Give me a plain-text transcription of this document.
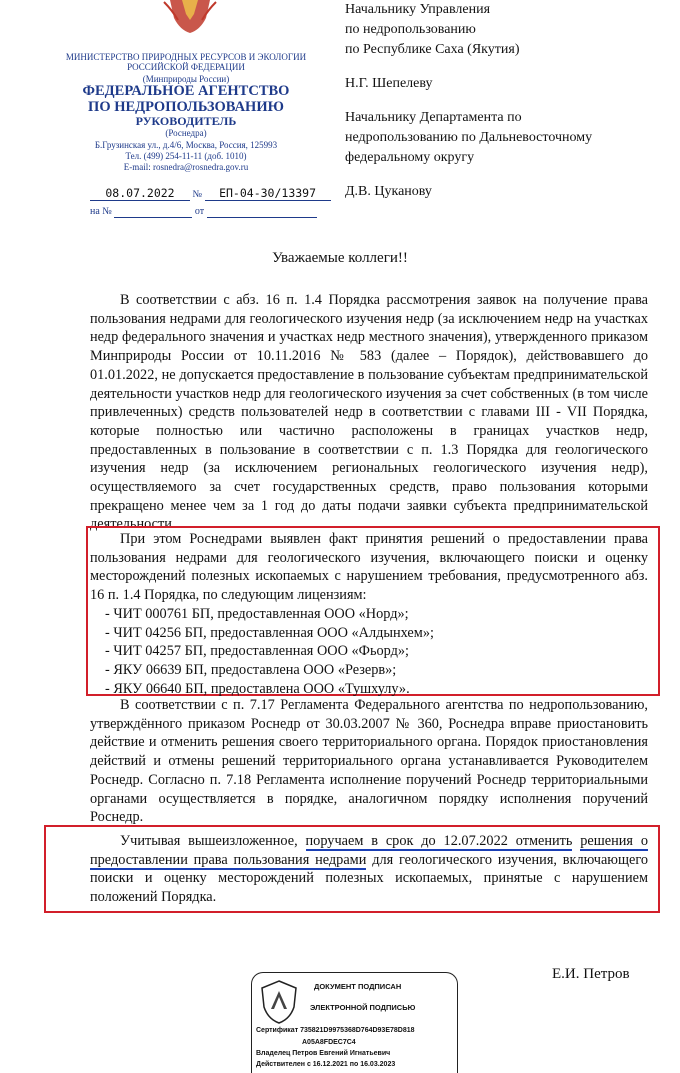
МИНИСТЕРСТВО ПРИРОДНЫХ РЕСУРСОВ И ЭКОЛОГИИ
РОССИЙСКОЙ ФЕДЕРАЦИИ
(Минприроды России)
ФЕДЕРАЛЬНОЕ АГЕНТСТВО
ПО НЕДРОПОЛЬЗОВАНИЮ
РУКОВОДИТЕЛЬ
(Роснедра)
Б.Грузинская ул., д.4/6, Москва, Россия, 125993
Тел. (499) 254-11-11 (доб. 1010)
E-mail: rosnedra@rosnedra.gov.ru
08.07.2022 № ЕП-04-30/13397
на №	от
Начальнику Управления
по недропользованию
по Республике Саха (Якутия)
Н.Г. Шепелеву
Начальнику Департамента по
недропользованию по Дальневосточному
федеральному округу
Д.В. Цуканову
Уважаемые коллеги!!

В соответствии с абз. 16 п. 1.4 Порядка рассмотрения заявок на получение права пользования недрами для геологического изучения недр (за исключением недр на участках недр федерального значения и участках недр местного значения), утвержденного приказом Минприроды России от 10.11.2016 № 583 (далее – Порядок), действовавшего до 01.01.2022, не допускается предоставление в пользование субъектам предпринимательской деятельности участков недр для геологического изучения за счет собственных (в том числе привлеченных) средств пользователей недр в соответствии с главами III - VII Порядка, которые полностью или частично расположены в границах участков недр, предоставленных в пользование в соответствии с п. 1.3 Порядка для геологического изучения недр (за исключением региональных геологического изучения недр), осуществляемого за счет государственных средств, право пользования которыми прекращено менее чем за 1 год до даты подачи заявки субъекта предпринимательской деятельности.

При этом Роснедрами выявлен факт принятия решений о предоставлении права пользования недрами для геологического изучения, включающего поиски и оценку месторождений полезных ископаемых с нарушением требования, предусмотренного абз. 16 п. 1.4 Порядка, по следующим лицензиям:

- ЧИТ 000761 БП, предоставленная ООО «Норд»;
- ЧИТ 04256 БП, предоставленная ООО «Алдынхем»;
- ЧИТ 04257 БП, предоставленная ООО «Фьорд»;
- ЯКУ 06639 БП, предоставлена ООО «Резерв»;
- ЯКУ 06640 БП, предоставлена ООО «Тушхулу».

В соответствии с п. 7.17 Регламента Федерального агентства по недропользованию, утверждённого приказом Роснедр от 30.03.2007 № 360, Роснедра вправе приостановить действие и отменить решения своего территориального органа. Порядок приостановления действий и отмены решений территориального органа устанавливается Руководителем Роснедр. Согласно п. 7.18 Регламента исполнение поручений Роснедр территориальными органами осуществляется в порядке, аналогичном порядку исполнения поручений Роснедр.

Учитывая вышеизложенное, поручаем в срок до 12.07.2022 отменить решения о предоставлении права пользования недрами для геологического изучения, включающего поиски и оценку месторождений полезных ископаемых, принятые с нарушением положений Порядка.

Е.И. Петров
ДОКУМЕНТ ПОДПИСАН
ЭЛЕКТРОННОЙ ПОДПИСЬЮ
Сертификат 735821D9975368D764D93E78D818
A05A8FDEC7C4
Владелец Петров Евгений Игнатьевич
Действителен с 16.12.2021 по 16.03.2023
